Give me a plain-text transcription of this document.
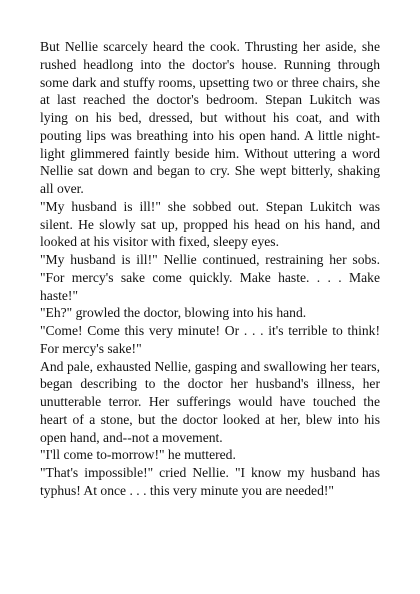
But Nellie scarcely heard the cook. Thrusting her aside, she rushed headlong into the doctor's house. Running through some dark and stuffy rooms, upsetting two or three chairs, she at last reached the doctor's bedroom. Stepan Lukitch was lying on his bed, dressed, but without his coat, and with pouting lips was breathing into his open hand. A little night-light glimmered faintly beside him. Without uttering a word Nellie sat down and began to cry. She wept bitterly, shaking all over.

"My husband is ill!" she sobbed out. Stepan Lukitch was silent. He slowly sat up, propped his head on his hand, and looked at his visitor with fixed, sleepy eyes.

"My husband is ill!" Nellie continued, restraining her sobs. "For mercy's sake come quickly. Make haste. . . . Make haste!"

"Eh?" growled the doctor, blowing into his hand.

"Come! Come this very minute! Or . . . it's terrible to think! For mercy's sake!"

And pale, exhausted Nellie, gasping and swallowing her tears, began describing to the doctor her husband's illness, her unutterable terror. Her sufferings would have touched the heart of a stone, but the doctor looked at her, blew into his open hand, and--not a movement.

"I'll come to-morrow!" he muttered.

"That's impossible!" cried Nellie. "I know my husband has typhus! At once . . . this very minute you are needed!"
